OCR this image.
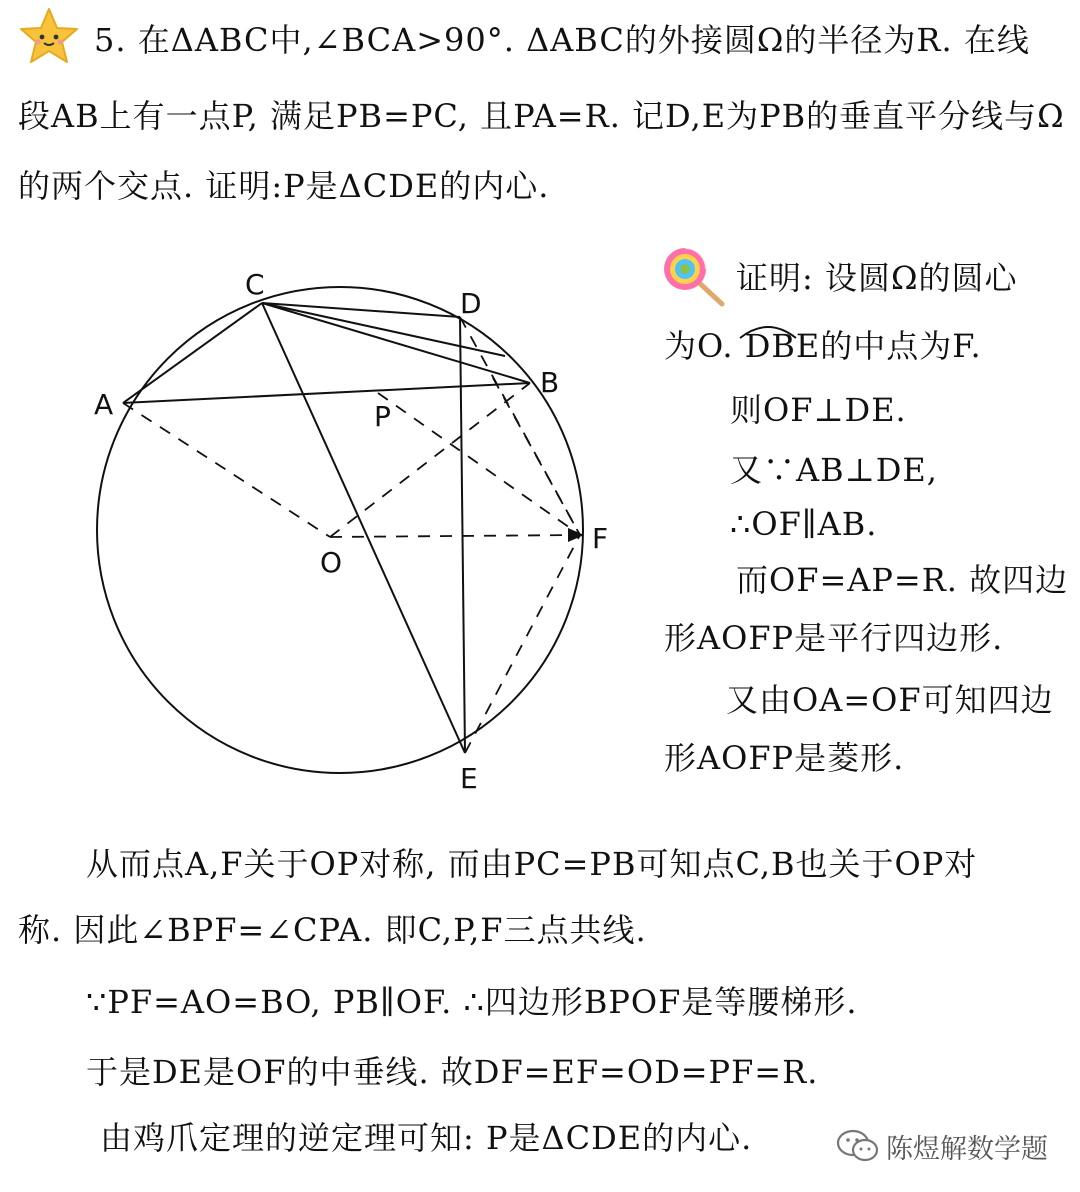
5. 在ΔABC中,∠BCA>90°. ΔABC的外接圆Ω的半径为R. 在线
段AB上有一点P, 满足PB=PC, 且PA=R. 记D,E为PB的垂直平分线与Ω
的两个交点. 证明:P是ΔCDE的内心.
A
B
C
D
E
F
O
P
证明: 设圆Ω的圆心
为O. DBE的中点为F.
则OF⊥DE.
又∵AB⊥DE,
∴OF∥AB.
而OF=AP=R. 故四边
形AOFP是平行四边形.
又由OA=OF可知四边
形AOFP是菱形.
从而点A,F关于OP对称, 而由PC=PB可知点C,B也关于OP对
称. 因此∠BPF=∠CPA. 即C,P,F三点共线.
∵PF=AO=BO, PB∥OF. ∴四边形BPOF是等腰梯形.
于是DE是OF的中垂线. 故DF=EF=OD=PF=R.
由鸡爪定理的逆定理可知: P是ΔCDE的内心.	陈煜解数学题
